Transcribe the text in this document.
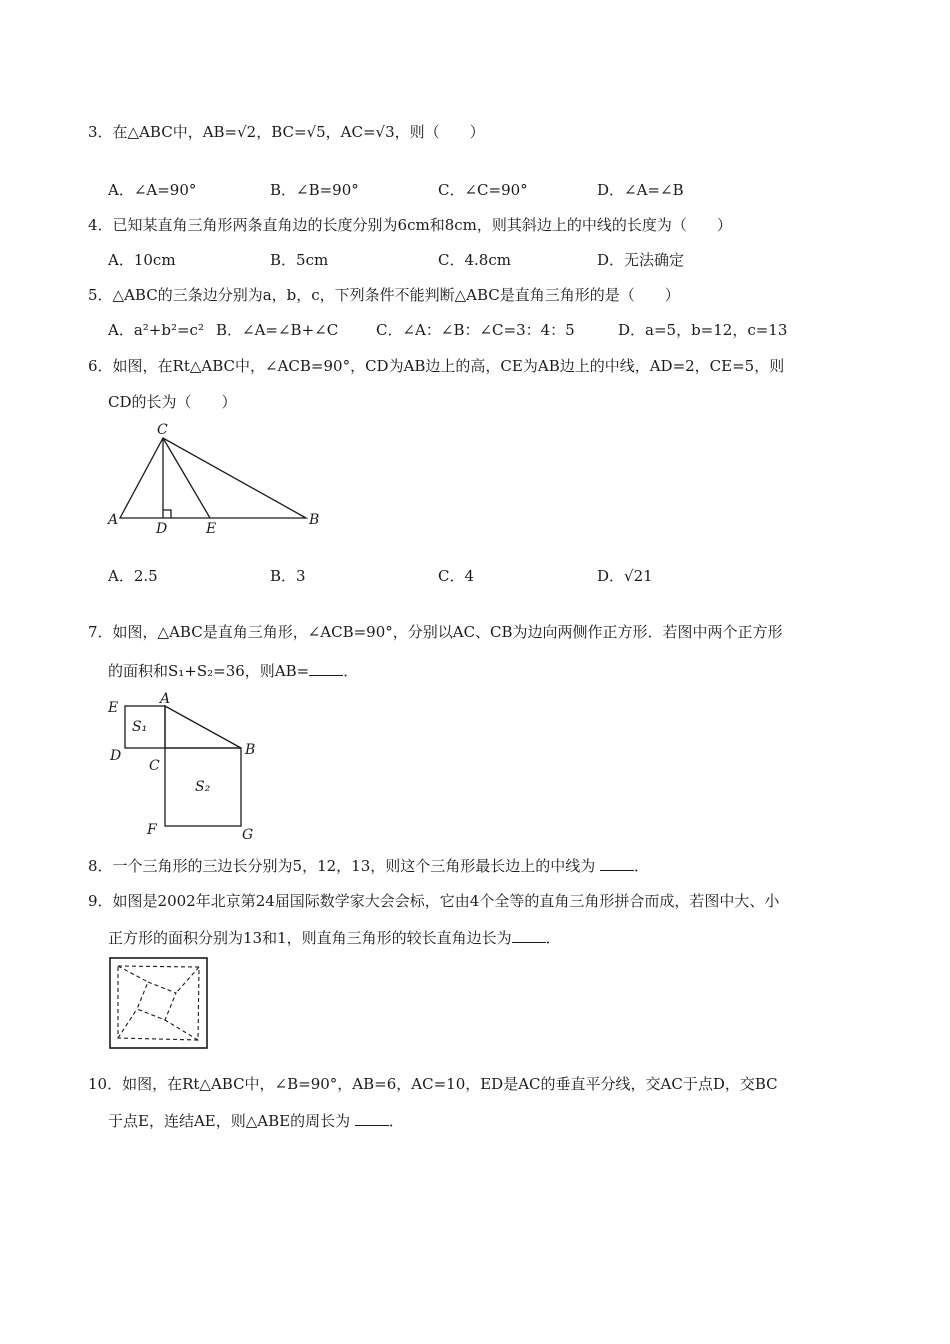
3．在△ABC中，AB=√2，BC=√5，AC=√3，则（　　）
A．∠A=90°	B．∠B=90°	C．∠C=90°	D．∠A=∠B
4．已知某直角三角形两条直角边的长度分别为6cm和8cm，则其斜边上的中线的长度为（　　）
A．10cm	B．5cm	C．4.8cm	D．无法确定
5．△ABC的三条边分别为a，b，c，下列条件不能判断△ABC是直角三角形的是（　　）
A．a²+b²=c² B．∠A=∠B+∠C	C．∠A：∠B：∠C=3：4：5	D．a=5，b=12，c=13
6．如图，在Rt△ABC中，∠ACB=90°，CD为AB边上的高，CE为AB边上的中线，AD=2，CE=5，则
CD的长为（　　）
C
A
D	E
B
A．2.5	B．3	C．4	D．√21
7．如图，△ABC是直角三角形，∠ACB=90°，分别以AC、CB为边向两侧作正方形．若图中两个正方形
的面积和S₁+S₂=36，则AB= ．
E
A
S₁
D
C
B
S₂
F	G
8．一个三角形的三边长分别为5，12，13，则这个三角形最长边上的中线为 ．
9．如图是2002年北京第24届国际数学家大会会标，它由4个全等的直角三角形拼合而成，若图中大、小
正方形的面积分别为13和1，则直角三角形的较长直角边长为 ．
10．如图，在Rt△ABC中，∠B=90°，AB=6，AC=10，ED是AC的垂直平分线，交AC于点D，交BC
于点E，连结AE，则△ABE的周长为 ．
